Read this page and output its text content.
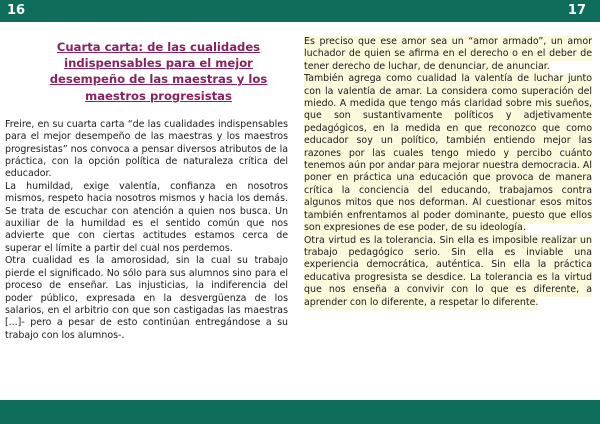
16	17
Cuarta carta: de las cualidades indispensables para el mejor desempeño de las maestras y los maestros progresistas

Freire, en su cuarta carta “de las cualidades indispensables para el mejor desempeño de las maestras y los maestros progresistas” nos convoca a pensar diversos atributos de la práctica, con la opción política de naturaleza crítica del educador.

La humildad, exige valentía, confianza en nosotros mismos, respeto hacia nosotros mismos y hacia los demás. Se trata de escuchar con atención a quien nos busca. Un auxiliar de la humildad es el sentido común que nos advierte que con ciertas actitudes estamos cerca de superar el límite a partir del cual nos perdemos.

Otra cualidad es la amorosidad, sin la cual su trabajo pierde el significado. No sólo para sus alumnos sino para el proceso de enseñar. Las injusticias, la indiferencia del poder público, expresada en la desvergüenza de los salarios, en el arbitrio con que son castigadas las maestras [...]- pero a pesar de esto continúan entregándose a su trabajo con los alumnos-.

Es preciso que ese amor sea un “amor armado”, un amor luchador de quien se afirma en el derecho o en el deber de tener derecho de luchar, de denunciar, de anunciar.

También agrega como cualidad la valentía de luchar junto con la valentía de amar. La considera como superación del miedo. A medida que tengo más claridad sobre mis sueños, que son sustantivamente políticos y adjetivamente pedagógicos, en la medida en que reconozco que como educador soy un político, también entiendo mejor las razones por las cuales tengo miedo y percibo cuánto tenemos aún por andar para mejorar nuestra democracia. Al poner en práctica una educación que provoca de manera crítica la conciencia del educando, trabajamos contra algunos mitos que nos deforman. Al cuestionar esos mitos también enfrentamos al poder dominante, puesto que ellos son expresiones de ese poder, de su ideología.

Otra virtud es la tolerancia. Sin ella es imposible realizar un trabajo pedagógico serio. Sin ella es inviable una experiencia democrática, auténtica. Sin ella la práctica educativa progresista se desdice. La tolerancia es la virtud que nos enseña a convivir con lo que es diferente, a aprender con lo diferente, a respetar lo diferente.
